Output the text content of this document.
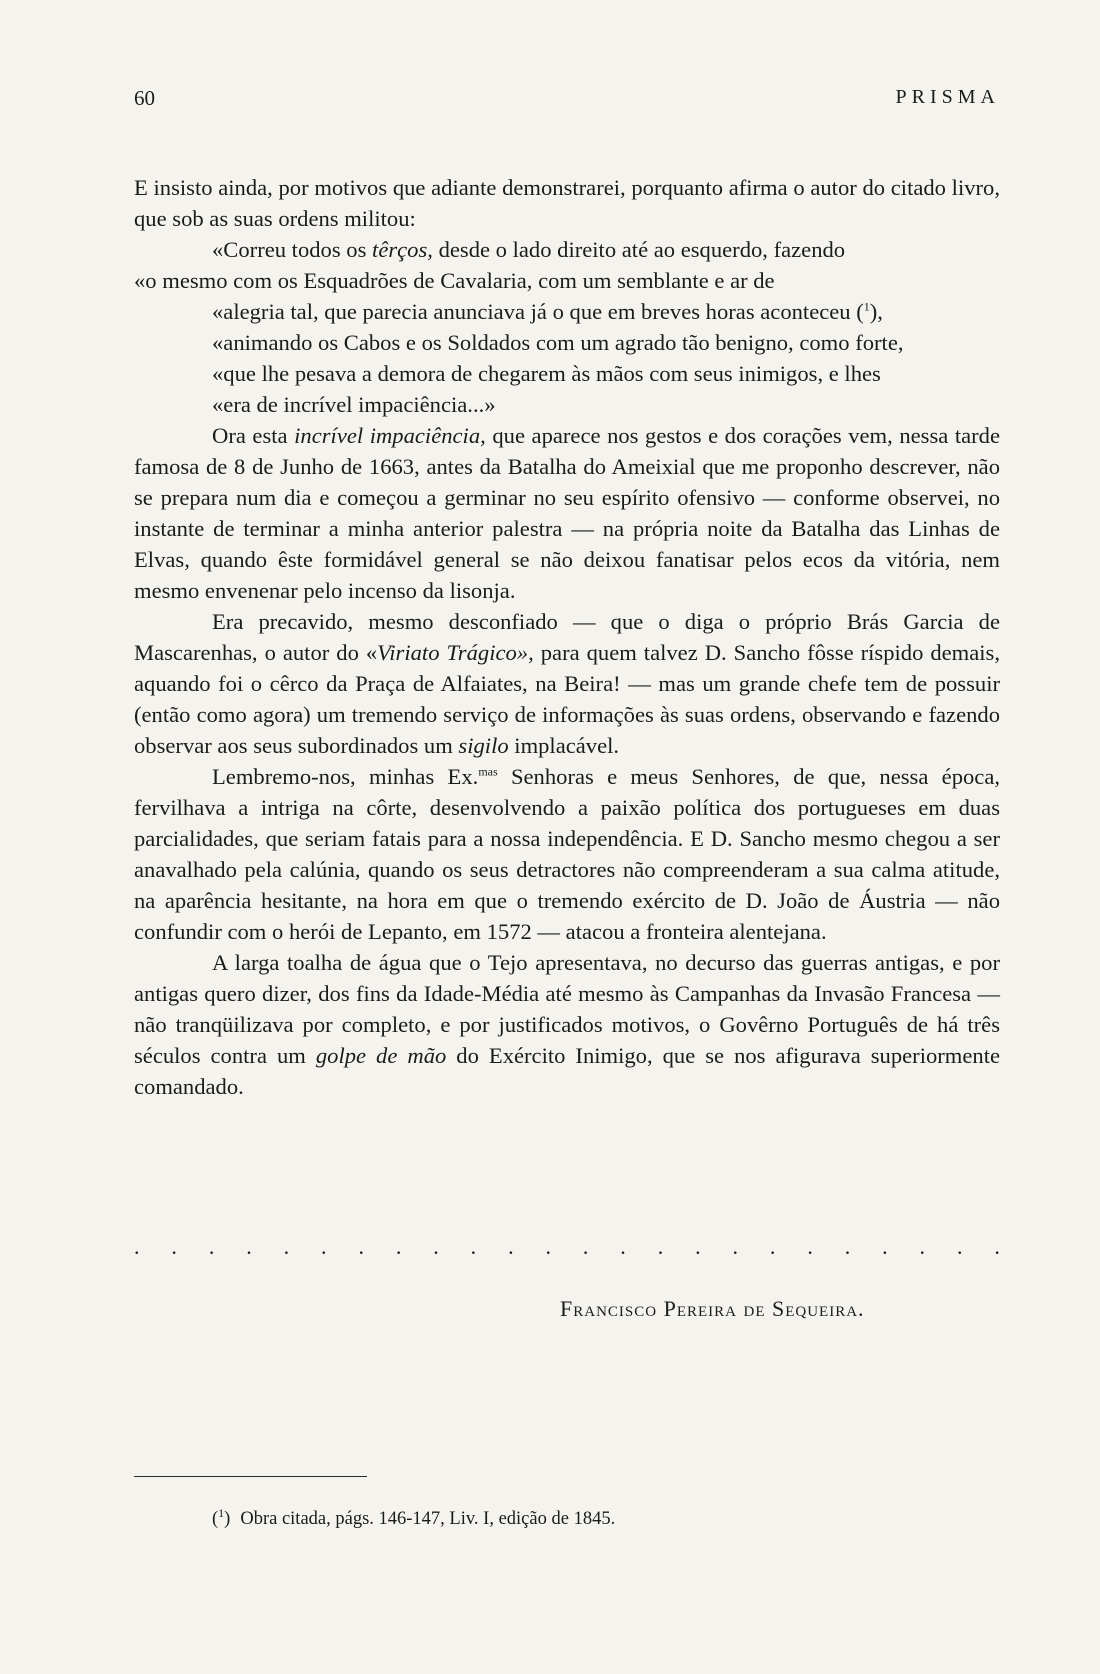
60	PRISMA

E insisto ainda, por motivos que adiante demonstrarei, porquanto afirma o autor do citado livro, que sob as suas ordens militou:

«Correu todos os têrços, desde o lado direito até ao esquerdo, fazendo
«o mesmo com os Esquadrões de Cavalaria, com um semblante e ar de
«alegria tal, que parecia anunciava já o que em breves horas aconteceu ($^1$),
«animando os Cabos e os Soldados com um agrado tão benigno, como forte,
«que lhe pesava a demora de chegarem às mãos com seus inimigos, e lhes
«era de incrível impaciência...»

Ora esta incrível impaciência, que aparece nos gestos e dos corações vem, nessa tarde famosa de 8 de Junho de 1663, antes da Batalha do Ameixial que me proponho descrever, não se prepara num dia e começou a germinar no seu espírito ofensivo — conforme observei, no instante de terminar a minha anterior palestra — na própria noite da Batalha das Linhas de Elvas, quando êste formidável general se não deixou fanatisar pelos ecos da vitória, nem mesmo envenenar pelo incenso da lisonja.

Era precavido, mesmo desconfiado — que o diga o próprio Brás Garcia de Mascarenhas, o autor do «Viriato Trágico», para quem talvez D. Sancho fôsse ríspido demais, aquando foi o cêrco da Praça de Alfaiates, na Beira! — mas um grande chefe tem de possuir (então como agora) um tremendo serviço de informações às suas ordens, observando e fazendo observar aos seus subordinados um sigilo implacável.

Lembremo-nos, minhas Ex.$^{mas}$ Senhoras e meus Senhores, de que, nessa época, fervilhava a intriga na côrte, desenvolvendo a paixão política dos portugueses em duas parcialidades, que seriam fatais para a nossa independência. E D. Sancho mesmo chegou a ser anavalhado pela calúnia, quando os seus detractores não compreenderam a sua calma atitude, na aparência hesitante, na hora em que o tremendo exército de D. João de Áustria — não confundir com o herói de Lepanto, em 1572 — atacou a fronteira alentejana.

A larga toalha de água que o Tejo apresentava, no decurso das guerras antigas, e por antigas quero dizer, dos fins da Idade-Média até mesmo às Campanhas da Invasão Francesa — não tranqüilizava por completo, e por justificados motivos, o Govêrno Português de há três séculos contra um golpe de mão do Exército Inimigo, que se nos afigurava superiormente comandado.

. . . . . . . . . . . . . . . . . . . . . . . .
Francisco Pereira de Sequeira.
($^1$) Obra citada, págs. 146-147, Liv. I, edição de 1845.
